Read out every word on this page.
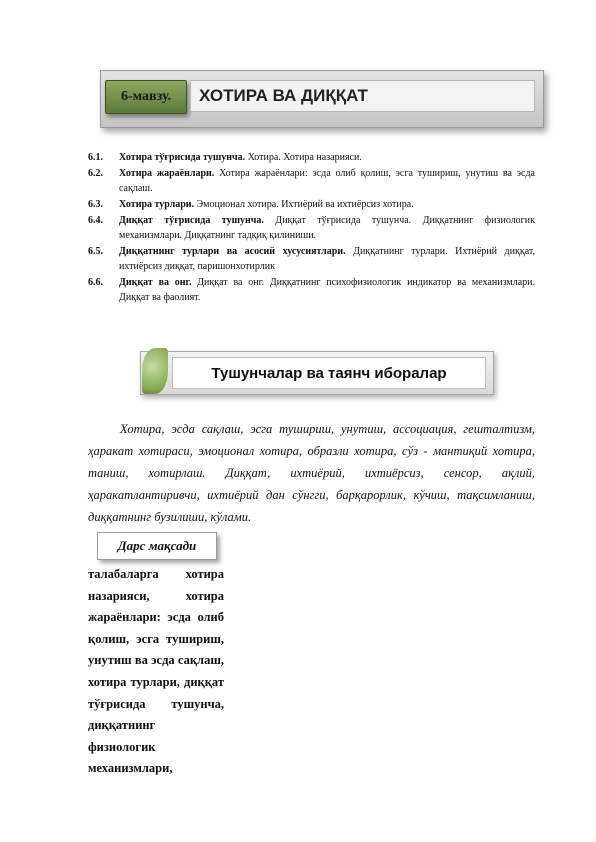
6-мавзу.	ХОТИРА ВА ДИҚҚАТ
6.1.	Хотира тўғрисида тушунча. Хотира. Хотира назарияси.
6.2.	Хотира жараёнлари. Хотира жараёнлари: эсда олиб қолиш, эсга тушириш, унутиш ва эсда сақлаш.
6.3.	Хотира турлари. Эмоционал хотира. Ихтиёрий ва ихтиёрсиз хотира.
6.4.	Диққат тўғрисида тушунча. Диққат тўғрисида тушунча. Диққатнинг физиологик механизмлари. Диққатнинг тадқиқ қилиниши.
6.5.	Диққатнинг турлари ва асосий хусусиятлари. Диққатнинг турлари. Ихтиёрий диққат, ихтиёрсиз диққат, паришонхотирлик
6.6.	Диққат ва онг. Диққат ва онг. Диққатнинг психофизиологик индикатор ва механизмлари. Диққат ва фаолият.
Тушунчалар ва таянч иборалар
Хотира, эсда сақлаш, эсга тушириш, унутиш, ассоциация, гешталтизм, ҳаракат хотираси, эмоционал хотира, образли хотира, сўз - мантиқий хотира, таниш, хотирлаш. Диққат, ихтиёрий, ихтиёрсиз, сенсор, ақлий, ҳаракатлантиривчи, ихтиёрий дан сўнгги, барқарорлик, кўчиш, тақсимланиш, диққатнинг бузилиши, кўлами.
Дарс мақсади
талабаларга хотира назарияси, хотира жараёнлари: эсда олиб қолиш, эсга тушириш, унутиш ва эсда сақлаш, хотира турлари, диққат тўғрисида тушунча, диққатнинг физиологик механизмлари,
